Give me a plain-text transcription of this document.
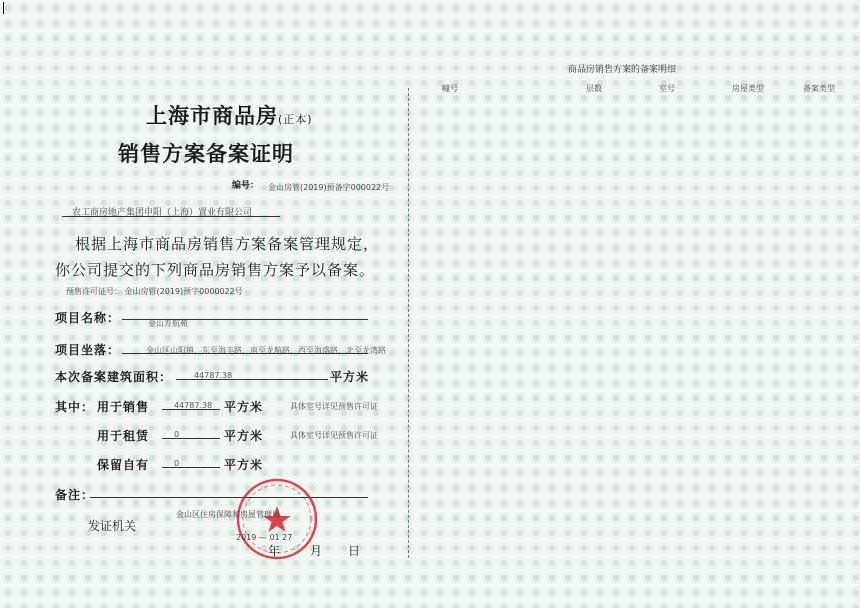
上海市商品房(正本)
销售方案备案证明
编号： 金山房管(2019)预备字000022号
农工商房地产集团申阳（上海）置业有限公司
根据上海市商品房销售方案备案管理规定，
你公司提交的下列商品房销售方案予以备案。
预售许可证号： 金山房管(2019)预字0000022号
项目名称：	金山万航苑
项目坐落：	金山区山阳镇，东至海丰路，南至龙航路，西至海盛路，北至龙湾路
本次备案建筑面积：	44787.38	平方米
其中： 用于销售	44787.38 平方米	具体室号详见预售许可证
用于租赁	0	平方米	具体室号详见预售许可证
保留自有	0	平方米
备注：
金山区住房保障和房屋管理局
发证机关
2019 — 01 27
年 月 日
商品房销售方案的备案明细
幢号	层数	室号	房屋类型	备案类型
